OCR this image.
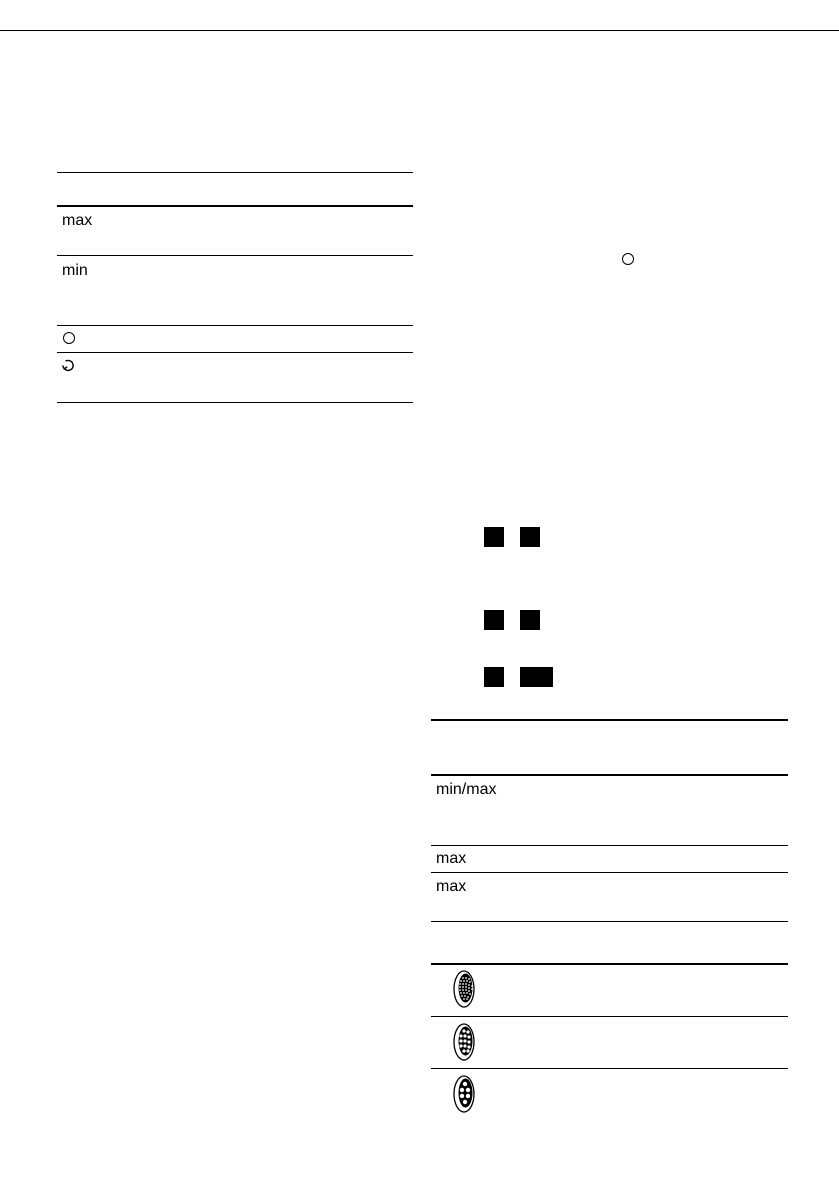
max
min
min/max
max
max
